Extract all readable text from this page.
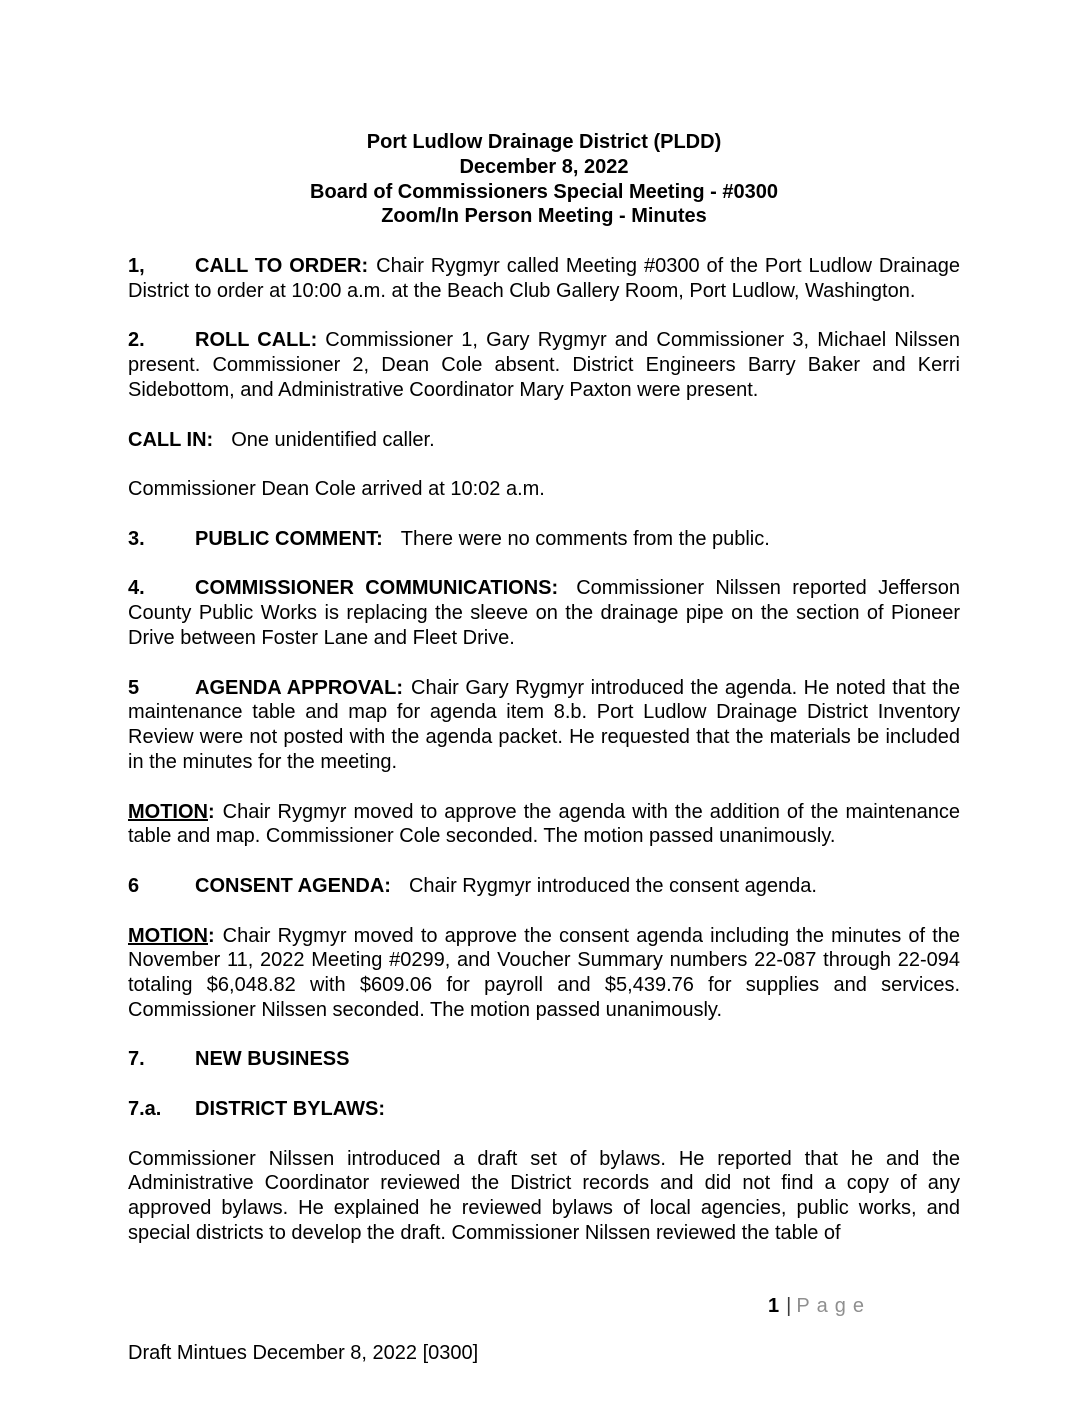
Port Ludlow Drainage District (PLDD)
December 8, 2022
Board of Commissioners Special Meeting - #0300
Zoom/In Person Meeting - Minutes

1,	CALL TO ORDER: Chair Rygmyr called Meeting #0300 of the Port Ludlow Drainage District to order at 10:00 a.m. at the Beach Club Gallery Room, Port Ludlow, Washington.

2.	ROLL CALL: Commissioner 1, Gary Rygmyr and Commissioner 3, Michael Nilssen present. Commissioner 2, Dean Cole absent. District Engineers Barry Baker and Kerri Sidebottom, and Administrative Coordinator Mary Paxton were present.

CALL IN: One unidentified caller.

Commissioner Dean Cole arrived at 10:02 a.m.

3.	PUBLIC COMMENT: There were no comments from the public.

4.	COMMISSIONER COMMUNICATIONS: Commissioner Nilssen reported Jefferson County Public Works is replacing the sleeve on the drainage pipe on the section of Pioneer Drive between Foster Lane and Fleet Drive.

5	AGENDA APPROVAL: Chair Gary Rygmyr introduced the agenda. He noted that the maintenance table and map for agenda item 8.b. Port Ludlow Drainage District Inventory Review were not posted with the agenda packet. He requested that the materials be included in the minutes for the meeting.

MOTION: Chair Rygmyr moved to approve the agenda with the addition of the maintenance table and map. Commissioner Cole seconded. The motion passed unanimously.

6	CONSENT AGENDA: Chair Rygmyr introduced the consent agenda.

MOTION: Chair Rygmyr moved to approve the consent agenda including the minutes of the November 11, 2022 Meeting #0299, and Voucher Summary numbers 22-087 through 22-094 totaling $6,048.82 with $609.06 for payroll and $5,439.76 for supplies and services. Commissioner Nilssen seconded. The motion passed unanimously.

7.	NEW BUSINESS

7.a. DISTRICT BYLAWS:

Commissioner Nilssen introduced a draft set of bylaws. He reported that he and the Administrative Coordinator reviewed the District records and did not find a copy of any approved bylaws. He explained he reviewed bylaws of local agencies, public works, and special districts to develop the draft. Commissioner Nilssen reviewed the table of

1 | Page
Draft Mintues December 8, 2022 [0300]
